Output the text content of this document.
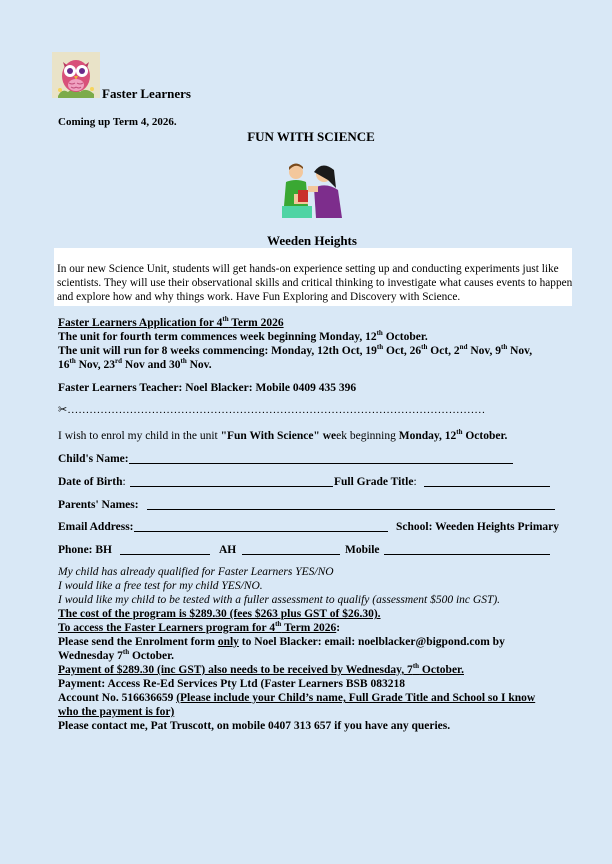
Faster Learners
Coming up Term 4, 2026.
FUN WITH SCIENCE
Weeden Heights
In our new Science Unit, students will get hands-on experience setting up and conducting experiments just like scientists. They will use their observational skills and critical thinking to investigate what causes events to happen and explore how and why things work. Have Fun Exploring and Discovery with Science.
Faster Learners Application for 4th Term 2026
The unit for fourth term commences week beginning Monday, 12th October.
The unit will run for 8 weeks commencing: Monday, 12th Oct, 19th Oct, 26th Oct, 2nd Nov, 9th Nov,
16th Nov, 23rd Nov and 30th Nov.
Faster Learners Teacher: Noel Blacker: Mobile 0409 435 396
✂……………………………………………………………………………………………………
I wish to enrol my child in the unit "Fun With Science" week beginning Monday, 12th October.
Child's Name:
Date of Birth:	Full Grade Title:
Parents' Names:
Email Address:	School: Weeden Heights Primary
Phone: BH	AH	Mobile
My child has already qualified for Faster Learners YES/NO
I would like a free test for my child YES/NO.
I would like my child to be tested with a fuller assessment to qualify (assessment $500 inc GST).
The cost of the program is $289.30 (fees $263 plus GST of $26.30).
To access the Faster Learners program for 4th Term 2026:
Please send the Enrolment form only to Noel Blacker: email: noelblacker@bigpond.com by
Wednesday 7th October.
Payment of $289.30 (inc GST) also needs to be received by Wednesday, 7th October.
Payment: Access Re-Ed Services Pty Ltd (Faster Learners BSB 083218
Account No. 516636659 (Please include your Child’s name, Full Grade Title and School so I know
who the payment is for)
Please contact me, Pat Truscott, on mobile 0407 313 657 if you have any queries.
